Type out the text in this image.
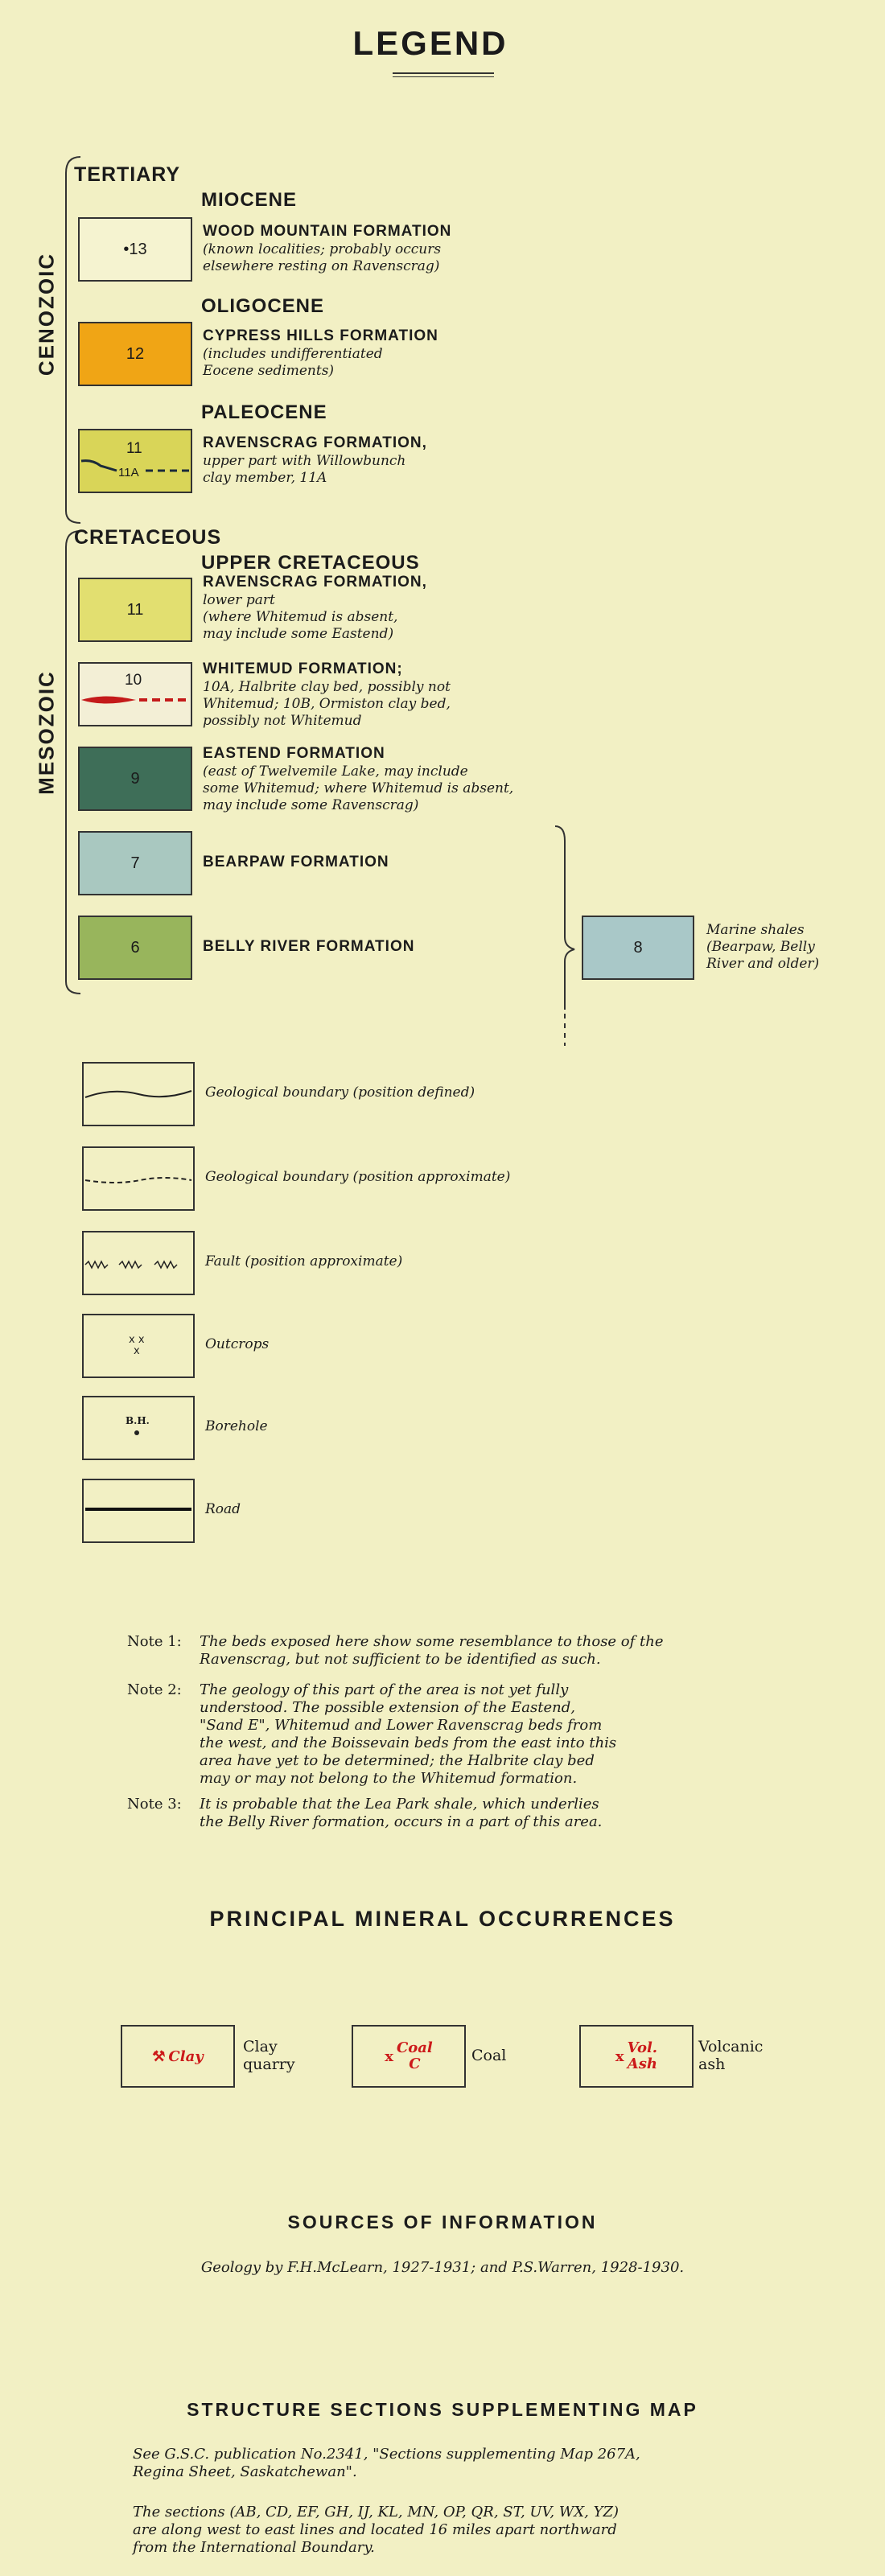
LEGEND
CENOZOIC
MESOZOIC
TERTIARY
MIOCENE
OLIGOCENE
PALEOCENE
CRETACEOUS
UPPER CRETACEOUS
•13
WOOD MOUNTAIN FORMATION
(known localities; probably occurs
elsewhere resting on Ravenscrag)
12
CYPRESS HILLS FORMATION
(includes undifferentiated
Eocene sediments)
11
11A
RAVENSCRAG FORMATION,
upper part with Willowbunch
clay member, 11A
11
RAVENSCRAG FORMATION,
lower part
(where Whitemud is absent,
may include some Eastend)
10
WHITEMUD FORMATION;
10A, Halbrite clay bed, possibly not
Whitemud; 10B, Ormiston clay bed,
possibly not Whitemud
9
EASTEND FORMATION
(east of Twelvemile Lake, may include
some Whitemud; where Whitemud is absent,
may include some Ravenscrag)
7	BEARPAW FORMATION
6	BELLY RIVER FORMATION	8
Marine shales
(Bearpaw, Belly
River and older)
Geological boundary (position defined)
Geological boundary (position approximate)
Fault (position approximate)
x x
x	Outcrops
B.H.	Borehole
Road
Note 1: The beds exposed here show some resemblance to those of the
Ravenscrag, but not sufficient to be identified as such.
Note 2: The geology of this part of the area is not yet fully
understood. The possible extension of the Eastend,
"Sand E", Whitemud and Lower Ravenscrag beds from
the west, and the Boissevain beds from the east into this
area have yet to be determined; the Halbrite clay bed
may or may not belong to the Whitemud formation.
Note 3: It is probable that the Lea Park shale, which underlies
the Belly River formation, occurs in a part of this area.
PRINCIPAL MINERAL OCCURRENCES
⚒ Clay
Clay
quarry	x Coal
C	Coal	x Vol.
Ash
Volcanic
ash
SOURCES OF INFORMATION
Geology by F.H.McLearn, 1927-1931; and P.S.Warren, 1928-1930.
STRUCTURE SECTIONS SUPPLEMENTING MAP
See G.S.C. publication No.2341, "Sections supplementing Map 267A,
Regina Sheet, Saskatchewan".
The sections (AB, CD, EF, GH, IJ, KL, MN, OP, QR, ST, UV, WX, YZ)
are along west to east lines and located 16 miles apart northward
from the International Boundary.
